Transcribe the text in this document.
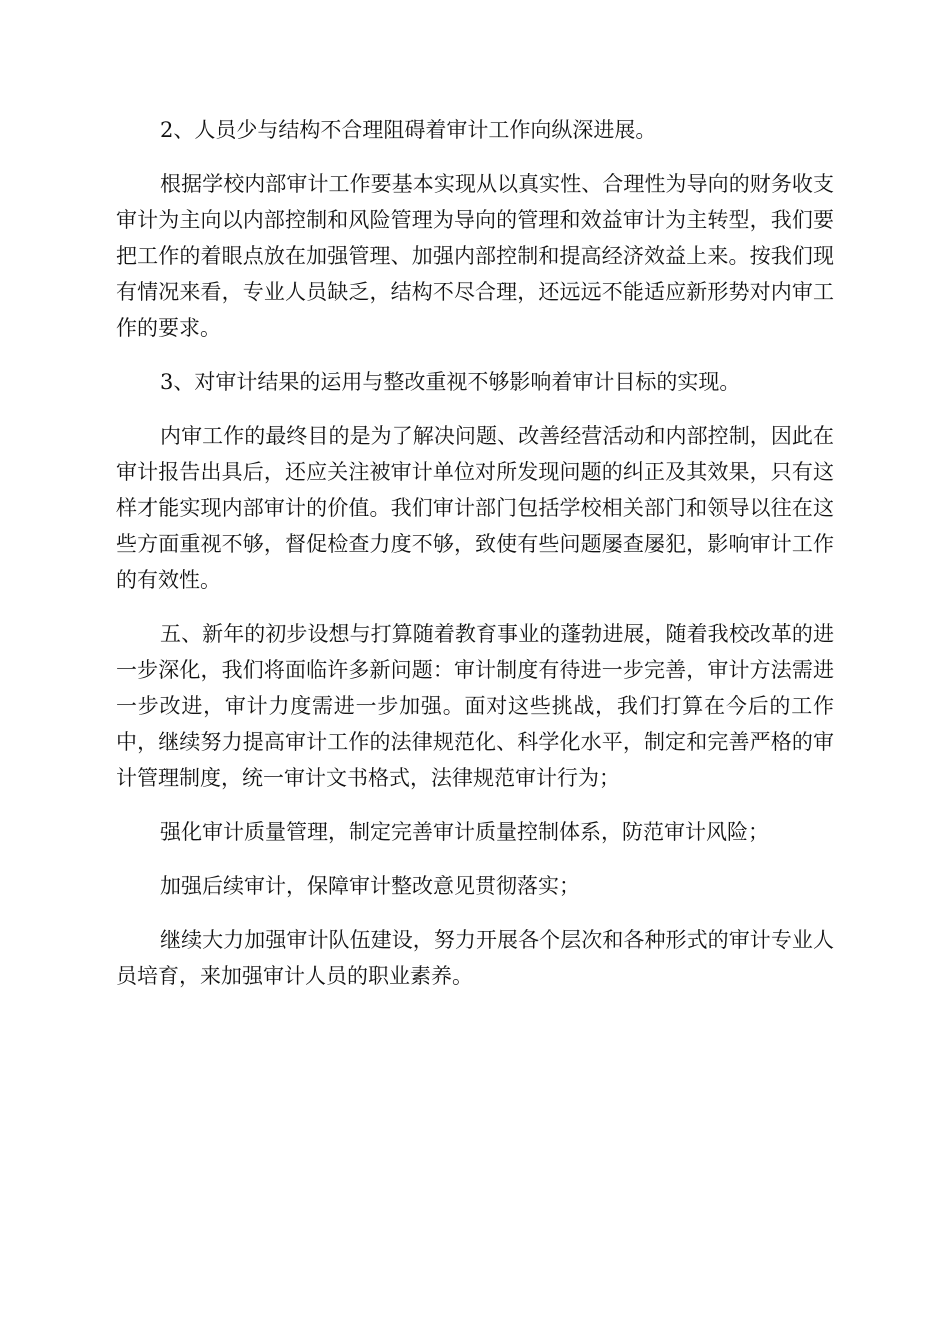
2、人员少与结构不合理阻碍着审计工作向纵深进展。

根据学校内部审计工作要基本实现从以真实性、合理性为导向的财务收支审计为主向以内部控制和风险管理为导向的管理和效益审计为主转型，我们要把工作的着眼点放在加强管理、加强内部控制和提高经济效益上来。按我们现有情况来看，专业人员缺乏，结构不尽合理，还远远不能适应新形势对内审工作的要求。

3、对审计结果的运用与整改重视不够影响着审计目标的实现。

内审工作的最终目的是为了解决问题、改善经营活动和内部控制，因此在审计报告出具后，还应关注被审计单位对所发现问题的纠正及其效果，只有这样才能实现内部审计的价值。我们审计部门包括学校相关部门和领导以往在这些方面重视不够，督促检查力度不够，致使有些问题屡查屡犯，影响审计工作的有效性。

五、新年的初步设想与打算随着教育事业的蓬勃进展，随着我校改革的进一步深化，我们将面临许多新问题：审计制度有待进一步完善，审计方法需进一步改进，审计力度需进一步加强。面对这些挑战，我们打算在今后的工作中，继续努力提高审计工作的法律规范化、科学化水平，制定和完善严格的审计管理制度，统一审计文书格式，法律规范审计行为；

强化审计质量管理，制定完善审计质量控制体系，防范审计风险；

加强后续审计，保障审计整改意见贯彻落实；

继续大力加强审计队伍建设，努力开展各个层次和各种形式的审计专业人员培育，来加强审计人员的职业素养。
